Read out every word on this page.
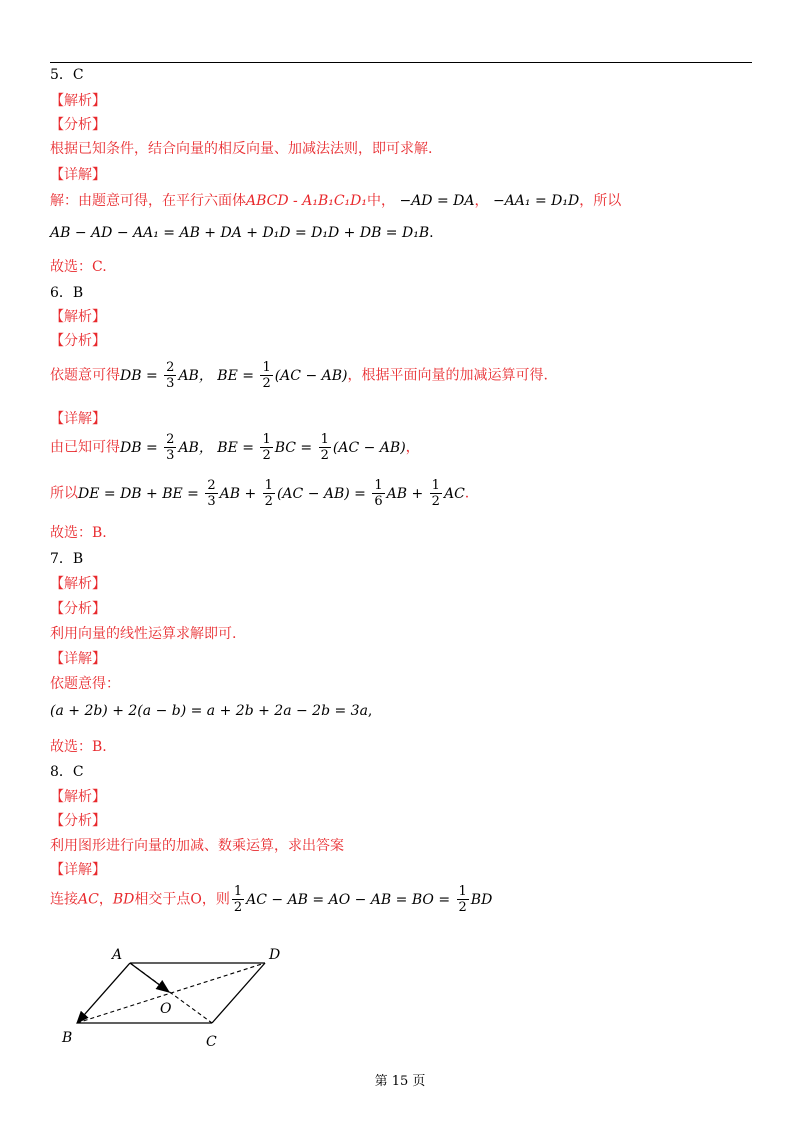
5．C
【解析】
【分析】
根据已知条件，结合向量的相反向量、加减法法则，即可求解.
【详解】
解：由题意可得，在平行六面体ABCD - A₁B₁C₁D₁中， −AD = DA， −AA₁ = D₁D，所以
AB − AD − AA₁ = AB + DA + D₁D = D₁D + DB = D₁B.
故选：C.
6．B
【解析】
【分析】
依题意可得DB = $\frac{2}{3}$ AB， BE = $\frac{1}{2} (AC - AB)$，根据平面向量的加减运算可得.
【详解】
由已知可得DB = $\frac{2}{3}$ AB， BE = $\frac{1}{2}$ BC = $\frac{1}{2} (AC - AB)$，
所以DE = DB + BE = $\frac{2}{3}$ AB + $\frac{1}{2} (AC - AB) = \frac{1}{6}$ AB + $\frac{1}{2}$ AC.
故选：B.
7．B
【解析】
【分析】
利用向量的线性运算求解即可.
【详解】
依题意得：
(a + 2b) + 2(a − b) = a + 2b + 2a − 2b = 3a,
故选：B.
8．C
【解析】
【分析】
利用图形进行向量的加减、数乘运算，求出答案
【详解】
连接AC，BD相交于点O，则 $\frac{1}{2}$ AC − AB = AO − AB = BO = $\frac{1}{2}$ BD
A	D
B	C
O
第 15 页
